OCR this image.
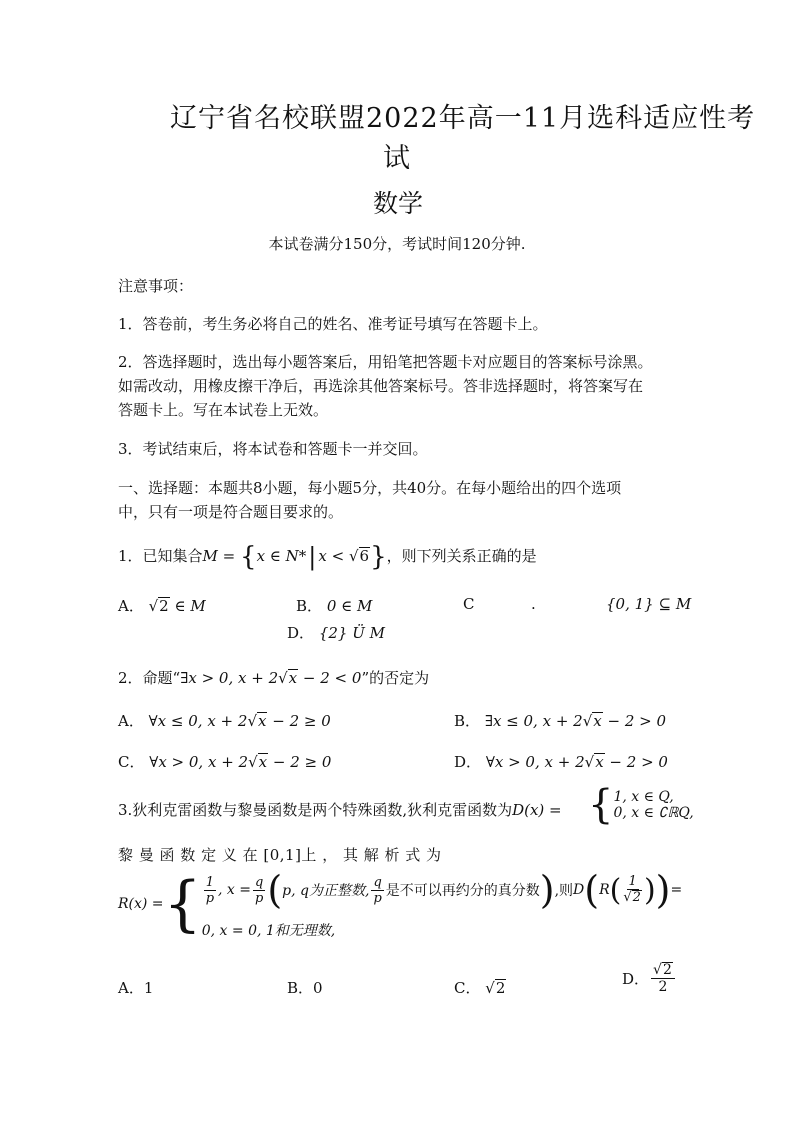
辽宁省名校联盟2022年高一11月选科适应性考
试
数学
本试卷满分150分，考试时间120分钟.
注意事项：
1．答卷前，考生务必将自己的姓名、准考证号填写在答题卡上。
2．答选择题时，选出每小题答案后，用铅笔把答题卡对应题目的答案标号涂黑。
如需改动，用橡皮擦干净后，再选涂其他答案标号。答非选择题时，将答案写在
答题卡上。写在本试卷上无效。
3．考试结束后，将本试卷和答题卡一并交回。
一、选择题：本题共8小题，每小题5分，共40分。在每小题给出的四个选项
中，只有一项是符合题目要求的。
1．已知集合M = {x ∈ N*| x < √6}，则下列关系正确的是
A． √2 ∈ M	B． 0 ∈ M	C	.	{0, 1} ⊆ M
D． {2} Ü M
2．命题“∃x > 0, x + 2√x − 2 < 0”的否定为
A． ∀x ≤ 0, x + 2√x − 2 ≥ 0	B． ∃x ≤ 0, x + 2√x − 2 > 0
C． ∀x > 0, x + 2√x − 2 ≥ 0	D． ∀x > 0, x + 2√x − 2 > 0
3.狄利克雷函数与黎曼函数是两个特殊函数,狄利克雷函数为D(x) = { 1, x ∈ Q,
0, x ∈ ∁ℝQ,
黎 曼 函 数 定 义 在 [0,1]上 ， 其 解 析 式 为
R(x) = { $\frac{1}{p}$ , $x = \frac{q}{p}$ ( p, q为正整数, $\frac{q}{p}$ 是不可以再约分的真分数 ) ,则 D ( R ( $\frac{1}{√2}$ ) ) =
0, x = 0, 1和无理数,
A．1	B．0	C． √2	D． $\frac{√2}{2}$
